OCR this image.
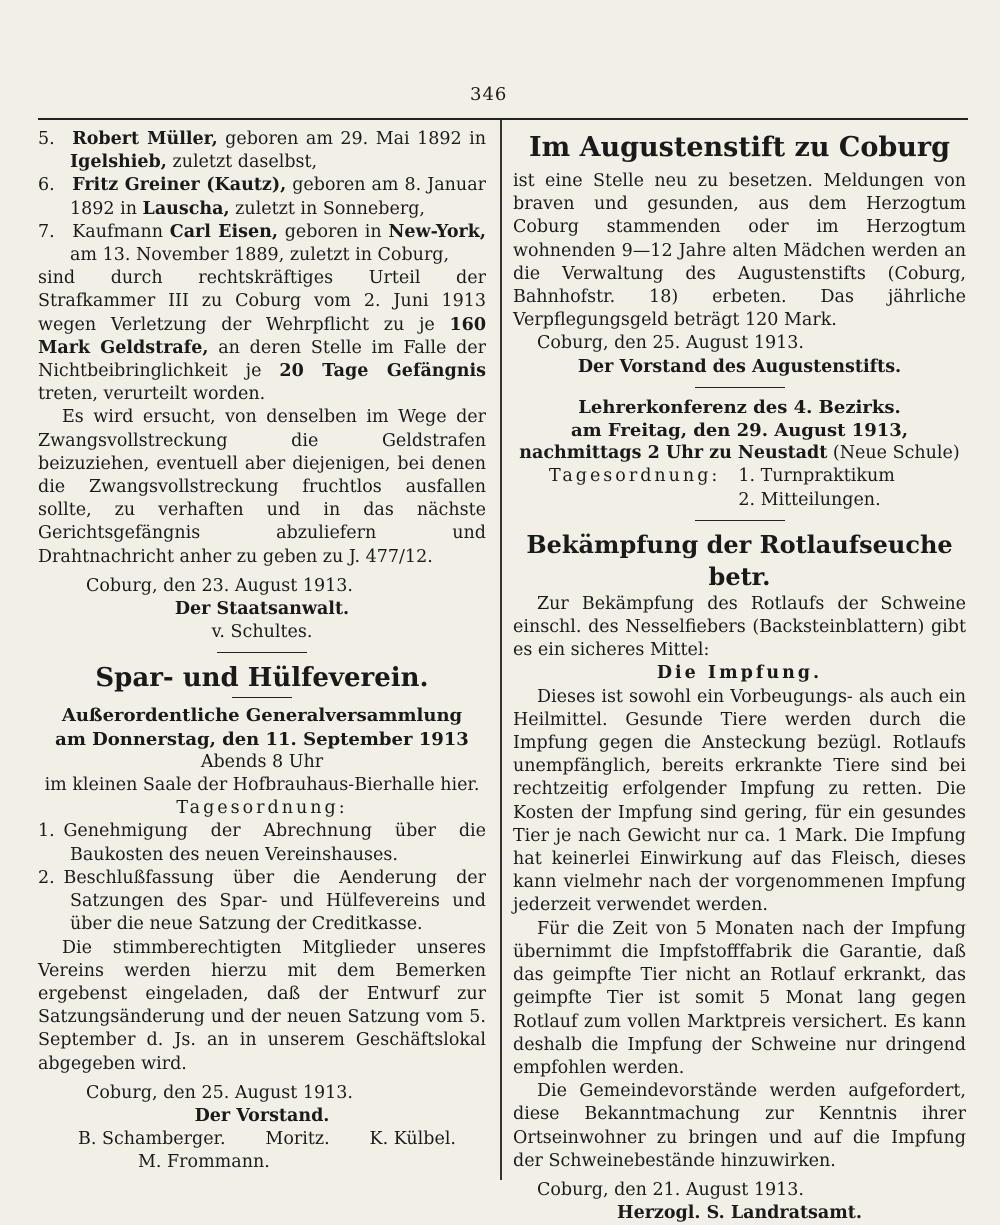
346

5.  Robert Müller, geboren am 29. Mai 1892 in Igelshieb, zuletzt daselbst,

6.  Fritz Greiner (Kautz), geboren am 8. Januar 1892 in Lauscha, zuletzt in Sonneberg,

7.  Kaufmann Carl Eisen, geboren in New-York, am 13. November 1889, zuletzt in Coburg,

sind durch rechtskräftiges Urteil der Strafkammer III zu Coburg vom 2. Juni 1913 wegen Verletzung der Wehrpflicht zu je 160 Mark Geldstrafe, an deren Stelle im Falle der Nichtbeibringlichkeit je 20 Tage Gefängnis treten, verurteilt worden.

Es wird ersucht, von denselben im Wege der Zwangsvollstreckung die Geldstrafen beizuziehen, eventuell aber diejenigen, bei denen die Zwangsvollstreckung fruchtlos ausfallen sollte, zu verhaften und in das nächste Gerichtsgefängnis abzuliefern und Drahtnachricht anher zu geben zu J. 477/12.

Coburg, den 23. August 1913.

Der Staatsanwalt.

v. Schultes.

Spar- und Hülfeverein.

Außerordentliche Generalversammlung

am Donnerstag, den 11. September 1913

Abends 8 Uhr

im kleinen Saale der Hofbrauhaus-Bierhalle hier.

Tagesordnung:

1.  Genehmigung der Abrechnung über die Baukosten des neuen Vereinshauses.

2.  Beschlußfassung über die Aenderung der Satzungen des Spar- und Hülfevereins und über die neue Satzung der Creditkasse.

Die stimmberechtigten Mitglieder unseres Vereins werden hierzu mit dem Bemerken ergebenst eingeladen, daß der Entwurf zur Satzungsänderung und der neuen Satzung vom 5. September d. Js. an in unserem Geschäftslokal abgegeben wird.

Coburg, den 25. August 1913.

Der Vorstand.

B. Schamberger. Moritz. K. Külbel.

M. Frommann.

Im Augustenstift zu Coburg

ist eine Stelle neu zu besetzen. Meldungen von braven und gesunden, aus dem Herzogtum Coburg stammenden oder im Herzogtum wohnenden 9—12 Jahre alten Mädchen werden an die Verwaltung des Augustenstifts (Coburg, Bahnhofstr. 18) erbeten. Das jährliche Verpflegungsgeld beträgt 120 Mark.

Coburg, den 25. August 1913.

Der Vorstand des Augustenstifts.

Lehrerkonferenz des 4. Bezirks.

am Freitag, den 29. August 1913,

nachmittags 2 Uhr zu Neustadt (Neue Schule)

Tagesordnung: 1. Turnpraktikum
2. Mitteilungen.
Bekämpfung der Rotlaufseuche betr.

Zur Bekämpfung des Rotlaufs der Schweine einschl. des Nesselfiebers (Backsteinblattern) gibt es ein sicheres Mittel:

Die Impfung.

Dieses ist sowohl ein Vorbeugungs- als auch ein Heilmittel. Gesunde Tiere werden durch die Impfung gegen die Ansteckung bezügl. Rotlaufs unempfänglich, bereits erkrankte Tiere sind bei rechtzeitig erfolgender Impfung zu retten. Die Kosten der Impfung sind gering, für ein gesundes Tier je nach Gewicht nur ca. 1 Mark. Die Impfung hat keinerlei Einwirkung auf das Fleisch, dieses kann vielmehr nach der vorgenommenen Impfung jederzeit verwendet werden.

Für die Zeit von 5 Monaten nach der Impfung übernimmt die Impfstofffabrik die Garantie, daß das geimpfte Tier nicht an Rotlauf erkrankt, das geimpfte Tier ist somit 5 Monat lang gegen Rotlauf zum vollen Marktpreis versichert. Es kann deshalb die Impfung der Schweine nur dringend empfohlen werden.

Die Gemeindevorstände werden aufgefordert, diese Bekanntmachung zur Kenntnis ihrer Ortseinwohner zu bringen und auf die Impfung der Schweinebestände hinzuwirken.

Coburg, den 21. August 1913.

Herzogl. S. Landratsamt.
